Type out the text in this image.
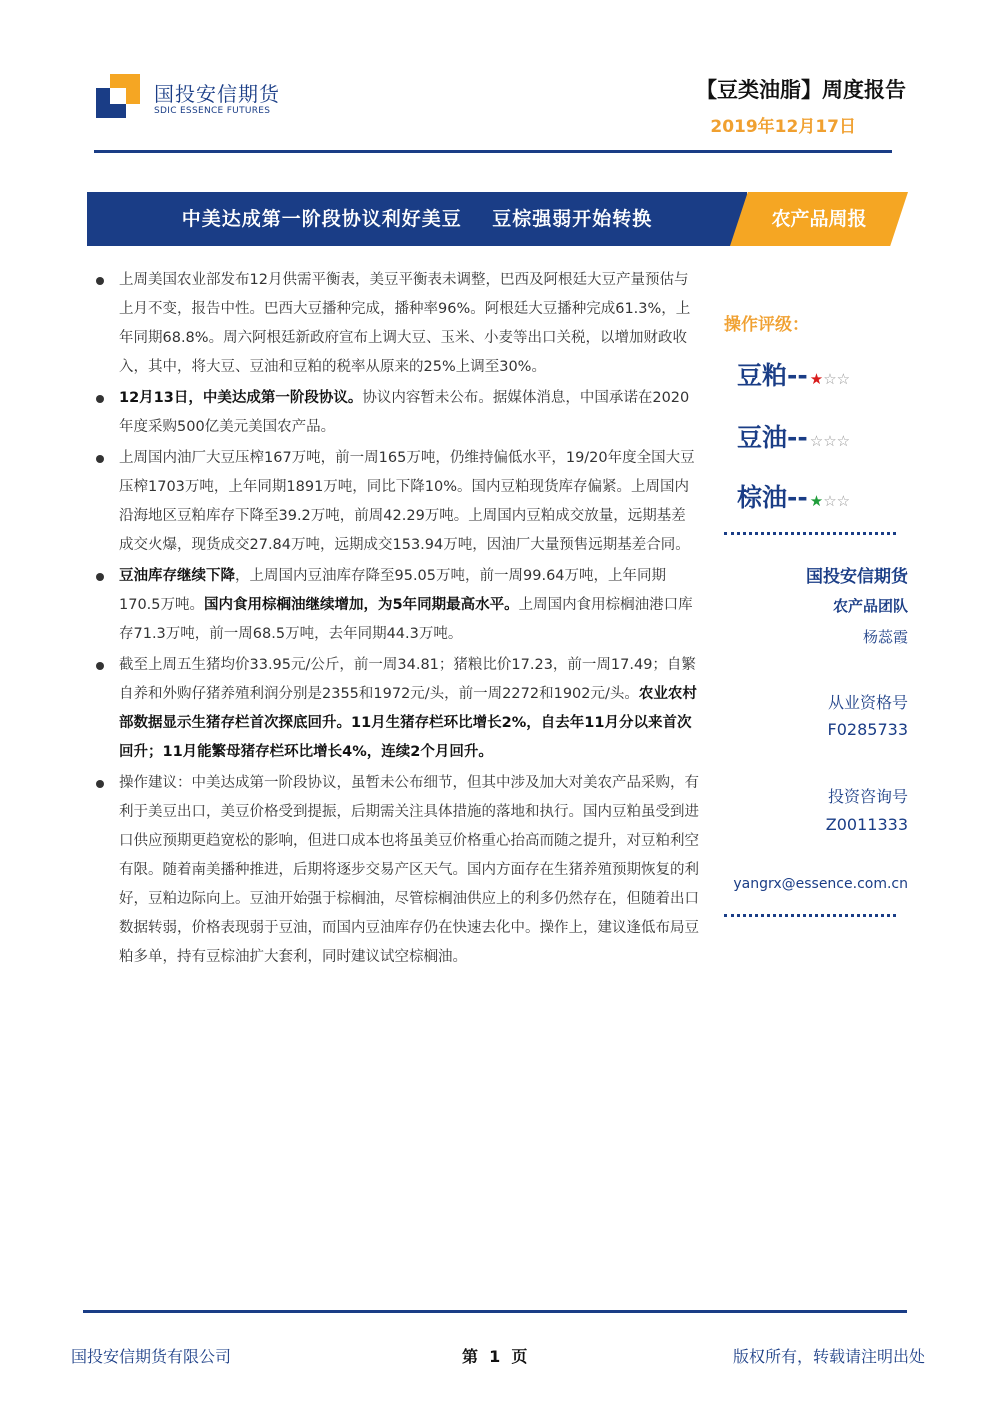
国投安信期货
SDIC ESSENCE FUTURES
【豆类油脂】周度报告
2019年12月17日
中美达成第一阶段协议利好美豆    豆棕强弱开始转换	农产品周报
上周美国农业部发布12月供需平衡表，美豆平衡表未调整，巴西及阿根廷大豆产量预估与上月不变，报告中性。巴西大豆播种完成，播种率96%。阿根廷大豆播种完成61.3%，上年同期68.8%。周六阿根廷新政府宣布上调大豆、玉米、小麦等出口关税，以增加财政收入，其中，将大豆、豆油和豆粕的税率从原来的25%上调至30%。
12月13日，中美达成第一阶段协议。协议内容暂未公布。据媒体消息，中国承诺在2020年度采购500亿美元美国农产品。
上周国内油厂大豆压榨167万吨，前一周165万吨，仍维持偏低水平，19/20年度全国大豆压榨1703万吨，上年同期1891万吨，同比下降10%。国内豆粕现货库存偏紧。上周国内沿海地区豆粕库存下降至39.2万吨，前周42.29万吨。上周国内豆粕成交放量，远期基差成交火爆，现货成交27.84万吨，远期成交153.94万吨，因油厂大量预售远期基差合同。
豆油库存继续下降，上周国内豆油库存降至95.05万吨，前一周99.64万吨，上年同期170.5万吨。国内食用棕榈油继续增加，为5年同期最高水平。上周国内食用棕榈油港口库存71.3万吨，前一周68.5万吨，去年同期44.3万吨。
截至上周五生猪均价33.95元/公斤，前一周34.81；猪粮比价17.23，前一周17.49；自繁自养和外购仔猪养殖利润分别是2355和1972元/头，前一周2272和1902元/头。农业农村部数据显示生猪存栏首次探底回升。11月生猪存栏环比增长2%，自去年11月分以来首次回升；11月能繁母猪存栏环比增长4%，连续2个月回升。
操作建议：中美达成第一阶段协议，虽暂未公布细节，但其中涉及加大对美农产品采购，有利于美豆出口，美豆价格受到提振，后期需关注具体措施的落地和执行。国内豆粕虽受到进口供应预期更趋宽松的影响，但进口成本也将虽美豆价格重心抬高而随之提升，对豆粕利空有限。随着南美播种推进，后期将逐步交易产区天气。国内方面存在生猪养殖预期恢复的利好，豆粕边际向上。豆油开始强于棕榈油，尽管棕榈油供应上的利多仍然存在，但随着出口数据转弱，价格表现弱于豆油，而国内豆油库存仍在快速去化中。操作上，建议逢低布局豆粕多单，持有豆棕油扩大套利，同时建议试空棕榈油。
操作评级：
豆粕-- ★☆☆
豆油-- ☆☆☆
棕油-- ★☆☆
国投安信期货
农产品团队
杨蕊霞
从业资格号
F0285733
投资咨询号
Z0011333
yangrx@essence.com.cn
国投安信期货有限公司	第  1  页	版权所有，转载请注明出处
